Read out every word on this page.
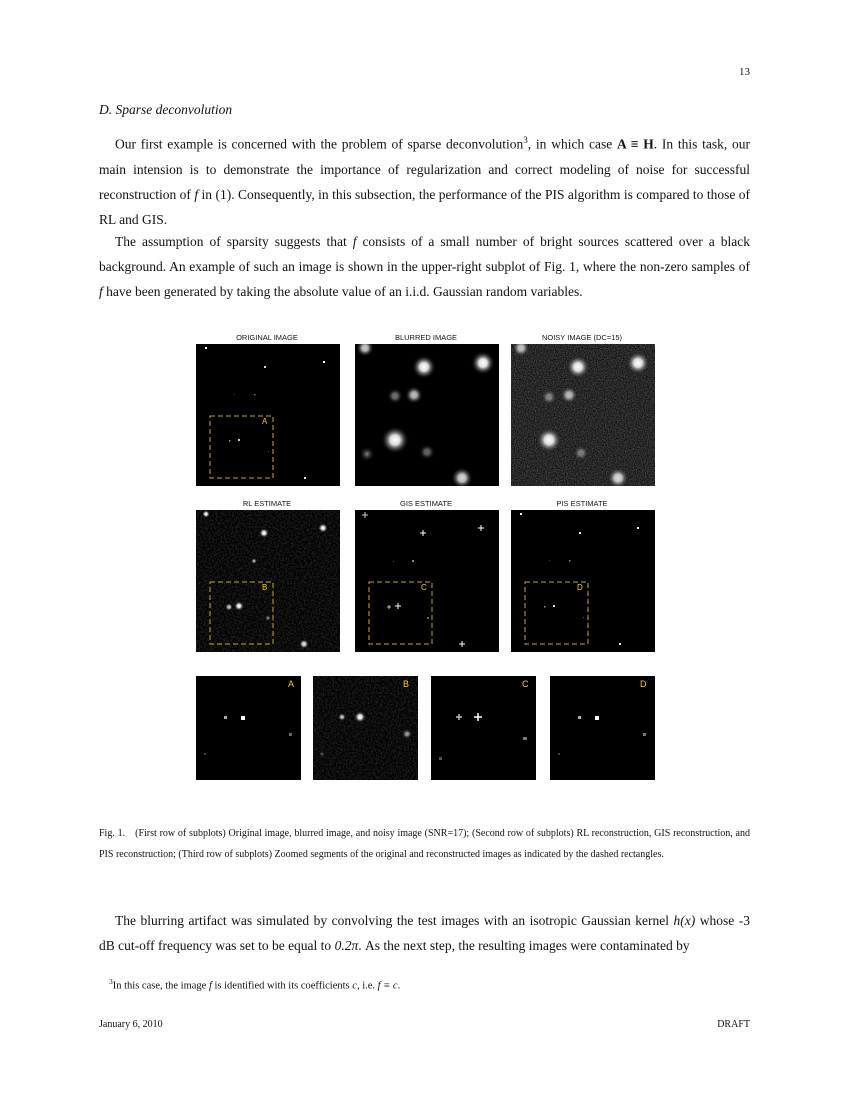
13
D. Sparse deconvolution

Our first example is concerned with the problem of sparse deconvolution$^3$, in which case A ≡ H. In this task, our main intension is to demonstrate the importance of regularization and correct modeling of noise for successful reconstruction of f in (1). Consequently, in this subsection, the performance of the PIS algorithm is compared to those of RL and GIS.

The assumption of sparsity suggests that f consists of a small number of bright sources scattered over a black background. An example of such an image is shown in the upper-right subplot of Fig. 1, where the non-zero samples of f have been generated by taking the absolute value of an i.i.d. Gaussian random variables.

ORIGINAL IMAGE	BLURRED IMAGE	NOISY IMAGE (DC=15)
A
RL ESTIMATE	GIS ESTIMATE	PIS ESTIMATE
B	C	D
A	B	C	D
Fig. 1. (First row of subplots) Original image, blurred image, and noisy image (SNR=17); (Second row of subplots) RL reconstruction, GIS reconstruction, and PIS reconstruction; (Third row of subplots) Zoomed segments of the original and reconstructed images as indicated by the dashed rectangles.

The blurring artifact was simulated by convolving the test images with an isotropic Gaussian kernel h(x) whose -3 dB cut-off frequency was set to be equal to 0.2π. As the next step, the resulting images were contaminated by

$^3$In this case, the image f is identified with its coefficients c, i.e. f ≡ c.
January 6, 2010	DRAFT
